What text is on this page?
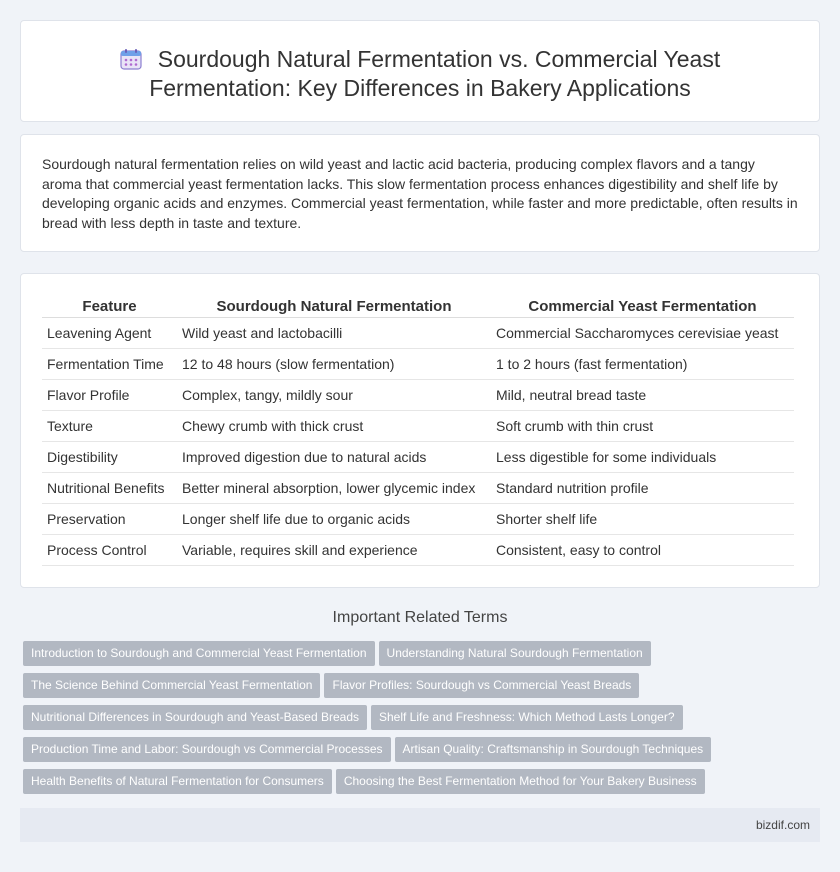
Sourdough Natural Fermentation vs. Commercial Yeast Fermentation: Key Differences in Bakery Applications

Sourdough natural fermentation relies on wild yeast and lactic acid bacteria, producing complex flavors and a tangy aroma that commercial yeast fermentation lacks. This slow fermentation process enhances digestibility and shelf life by developing organic acids and enzymes. Commercial yeast fermentation, while faster and more predictable, often results in bread with less depth in taste and texture.

Feature	Sourdough Natural Fermentation	Commercial Yeast Fermentation
Leavening Agent	Wild yeast and lactobacilli	Commercial Saccharomyces cerevisiae yeast
Fermentation Time	12 to 48 hours (slow fermentation)	1 to 2 hours (fast fermentation)
Flavor Profile	Complex, tangy, mildly sour	Mild, neutral bread taste
Texture	Chewy crumb with thick crust	Soft crumb with thin crust
Digestibility	Improved digestion due to natural acids	Less digestible for some individuals
Nutritional Benefits	Better mineral absorption, lower glycemic index	Standard nutrition profile
Preservation	Longer shelf life due to organic acids	Shorter shelf life
Process Control	Variable, requires skill and experience	Consistent, easy to control
Important Related Terms
Introduction to Sourdough and Commercial Yeast Fermentation Understanding Natural Sourdough Fermentation
The Science Behind Commercial Yeast Fermentation Flavor Profiles: Sourdough vs Commercial Yeast Breads
Nutritional Differences in Sourdough and Yeast-Based Breads Shelf Life and Freshness: Which Method Lasts Longer?
Production Time and Labor: Sourdough vs Commercial Processes Artisan Quality: Craftsmanship in Sourdough Techniques
Health Benefits of Natural Fermentation for Consumers Choosing the Best Fermentation Method for Your Bakery Business
bizdif.com
